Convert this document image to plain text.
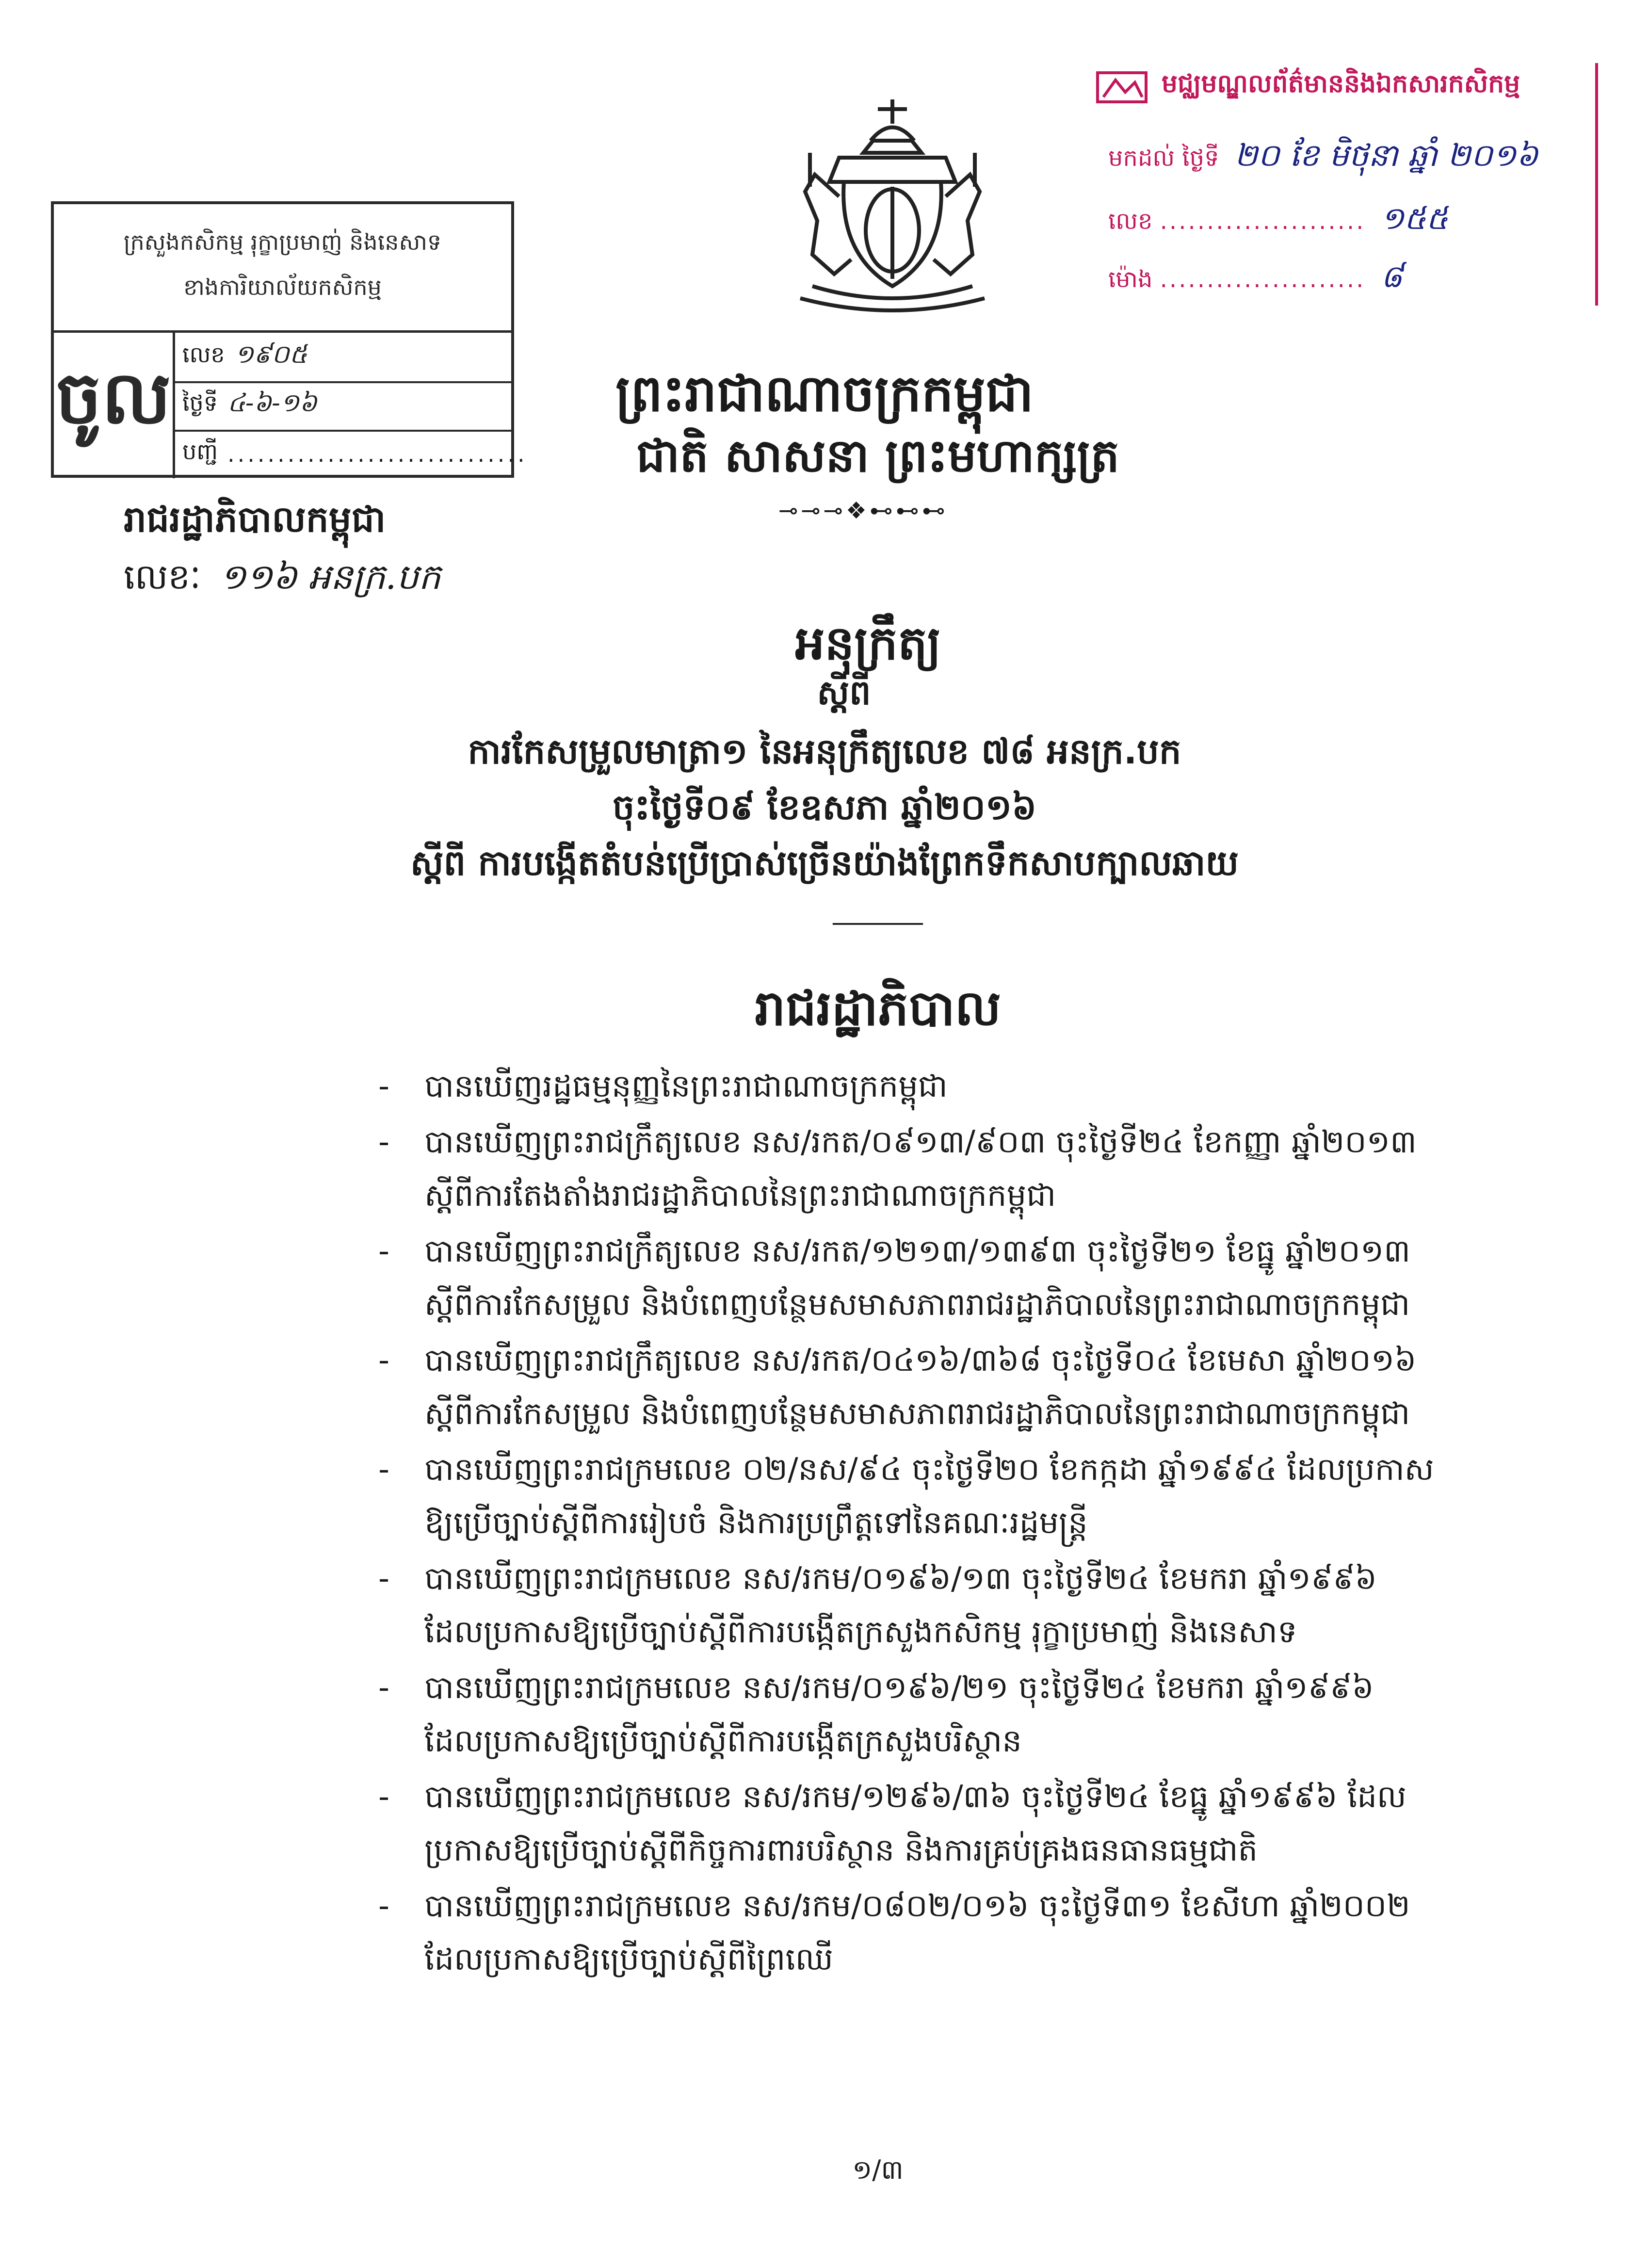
ក្រសួងកសិកម្ម រុក្ខាប្រមាញ់ និងនេសាទ
ខាងការិយាល័យកសិកម្ម
ចូល
លេខ ១៩០៥
ថ្ងៃទី ៤-៦-១៦
បញ្ជី ..............................
មជ្ឈមណ្ឌលព័ត៌មាននិងឯកសារកសិកម្ម
មកដល់ ថ្ងៃទី ២០ ខែ មិថុនា ឆ្នាំ ២០១៦
លេខ ...................... ១៥៥
ម៉ោង ...................... ៨
ព្រះរាជាណាចក្រកម្ពុជា
ជាតិ សាសនា ព្រះមហាក្សត្រ
⊸⊸⊸❖⊷⊷⊷
រាជរដ្ឋាភិបាលកម្ពុជា
លេខៈ ១១៦ អនក្រ.បក
អនុក្រឹត្យ
ស្តីពី
ការកែសម្រួលមាត្រា១ នៃអនុក្រឹត្យលេខ ៧៨ អនក្រ.បក
ចុះថ្ងៃទី០៩ ខែឧសភា ឆ្នាំ២០១៦
ស្តីពី ការបង្កើតតំបន់ប្រើប្រាស់ច្រើនយ៉ាងព្រែកទឹកសាបក្បាលឆាយ
───────
រាជរដ្ឋាភិបាល
- បានឃើញរដ្ឋធម្មនុញ្ញនៃព្រះរាជាណាចក្រកម្ពុជា
- បានឃើញព្រះរាជក្រឹត្យលេខ នស/រកត/០៩១៣/៩០៣ ចុះថ្ងៃទី២៤ ខែកញ្ញា ឆ្នាំ២០១៣
ស្តីពីការតែងតាំងរាជរដ្ឋាភិបាលនៃព្រះរាជាណាចក្រកម្ពុជា
- បានឃើញព្រះរាជក្រឹត្យលេខ នស/រកត/១២១៣/១៣៩៣ ចុះថ្ងៃទី២១ ខែធ្នូ ឆ្នាំ២០១៣
ស្តីពីការកែសម្រួល និងបំពេញបន្ថែមសមាសភាពរាជរដ្ឋាភិបាលនៃព្រះរាជាណាចក្រកម្ពុជា
- បានឃើញព្រះរាជក្រឹត្យលេខ នស/រកត/០៤១៦/៣៦៨ ចុះថ្ងៃទី០៤ ខែមេសា ឆ្នាំ២០១៦
ស្តីពីការកែសម្រួល និងបំពេញបន្ថែមសមាសភាពរាជរដ្ឋាភិបាលនៃព្រះរាជាណាចក្រកម្ពុជា
- បានឃើញព្រះរាជក្រមលេខ ០២/នស/៩៤ ចុះថ្ងៃទី២០ ខែកក្កដា ឆ្នាំ១៩៩៤ ដែលប្រកាស
ឱ្យប្រើច្បាប់ស្តីពីការរៀបចំ និងការប្រព្រឹត្តទៅនៃគណៈរដ្ឋមន្ត្រី
- បានឃើញព្រះរាជក្រមលេខ នស/រកម/០១៩៦/១៣ ចុះថ្ងៃទី២៤ ខែមករា ឆ្នាំ១៩៩៦
ដែលប្រកាសឱ្យប្រើច្បាប់ស្តីពីការបង្កើតក្រសួងកសិកម្ម រុក្ខាប្រមាញ់ និងនេសាទ
- បានឃើញព្រះរាជក្រមលេខ នស/រកម/០១៩៦/២១ ចុះថ្ងៃទី២៤ ខែមករា ឆ្នាំ១៩៩៦
ដែលប្រកាសឱ្យប្រើច្បាប់ស្តីពីការបង្កើតក្រសួងបរិស្ថាន
- បានឃើញព្រះរាជក្រមលេខ នស/រកម/១២៩៦/៣៦ ចុះថ្ងៃទី២៤ ខែធ្នូ ឆ្នាំ១៩៩៦ ដែល
ប្រកាសឱ្យប្រើច្បាប់ស្តីពីកិច្ចការពារបរិស្ថាន និងការគ្រប់គ្រងធនធានធម្មជាតិ
- បានឃើញព្រះរាជក្រមលេខ នស/រកម/០៨០២/០១៦ ចុះថ្ងៃទី៣១ ខែសីហា ឆ្នាំ២០០២
ដែលប្រកាសឱ្យប្រើច្បាប់ស្តីពីព្រៃឈើ
១/៣
